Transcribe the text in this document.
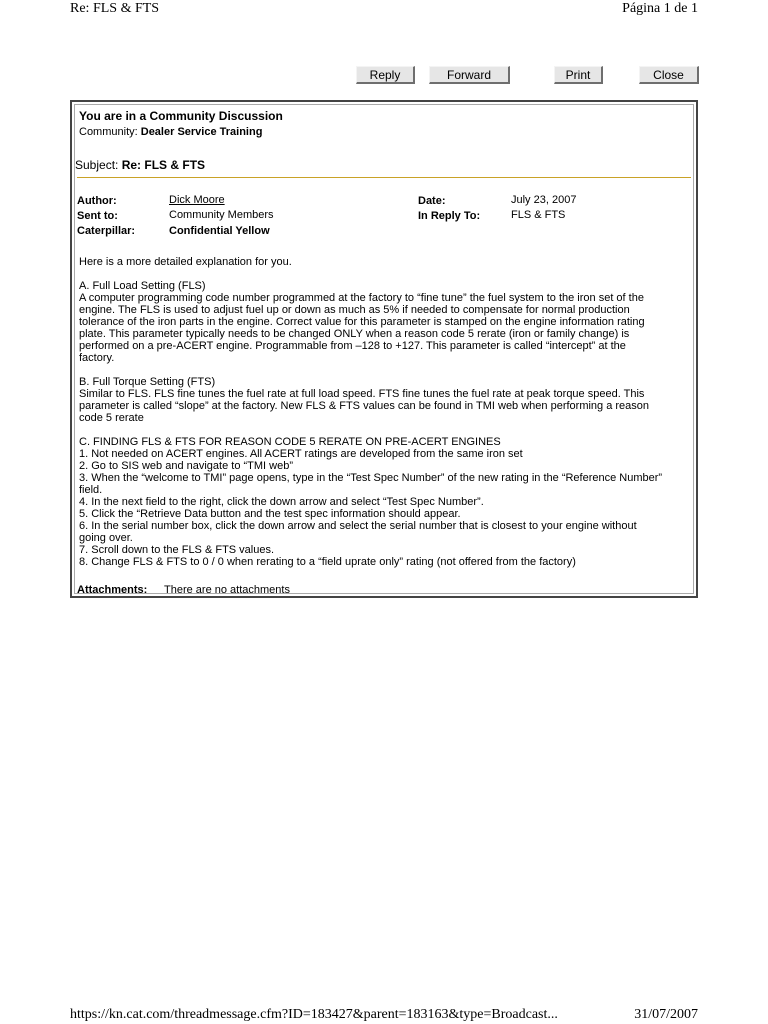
Re: FLS & FTS	Página 1 de 1
Reply	Forward	Print	Close
You are in a Community Discussion
Community: Dealer Service Training
Subject: Re: FLS & FTS
Author:	Dick Moore
Sent to:	Community Members
Caterpillar:	Confidential Yellow
Date:	July 23, 2007
In Reply To:	FLS & FTS

Here is a more detailed explanation for you.

A. Full Load Setting (FLS)
A computer programming code number programmed at the factory to “fine tune” the fuel system to the iron set of the
engine. The FLS is used to adjust fuel up or down as much as 5% if needed to compensate for normal production
tolerance of the iron parts in the engine. Correct value for this parameter is stamped on the engine information rating
plate. This parameter typically needs to be changed ONLY when a reason code 5 rerate (iron or family change) is
performed on a pre-ACERT engine. Programmable from –128 to +127. This parameter is called “intercept” at the
factory.

B. Full Torque Setting (FTS)
Similar to FLS. FLS fine tunes the fuel rate at full load speed. FTS fine tunes the fuel rate at peak torque speed. This
parameter is called “slope” at the factory. New FLS & FTS values can be found in TMI web when performing a reason
code 5 rerate

C. FINDING FLS & FTS FOR REASON CODE 5 RERATE ON PRE-ACERT ENGINES
1. Not needed on ACERT engines. All ACERT ratings are developed from the same iron set
2. Go to SIS web and navigate to “TMI web”
3. When the “welcome to TMI” page opens, type in the “Test Spec Number” of the new rating in the “Reference Number”
field.
4. In the next field to the right, click the down arrow and select “Test Spec Number”.
5. Click the “Retrieve Data button and the test spec information should appear.
6. In the serial number box, click the down arrow and select the serial number that is closest to your engine without
going over.
7. Scroll down to the FLS & FTS values.
8. Change FLS & FTS to 0 / 0 when rerating to a “field uprate only” rating (not offered from the factory)

Attachments: There are no attachments
https://kn.cat.com/threadmessage.cfm?ID=183427&parent=183163&type=Broadcast...	31/07/2007
